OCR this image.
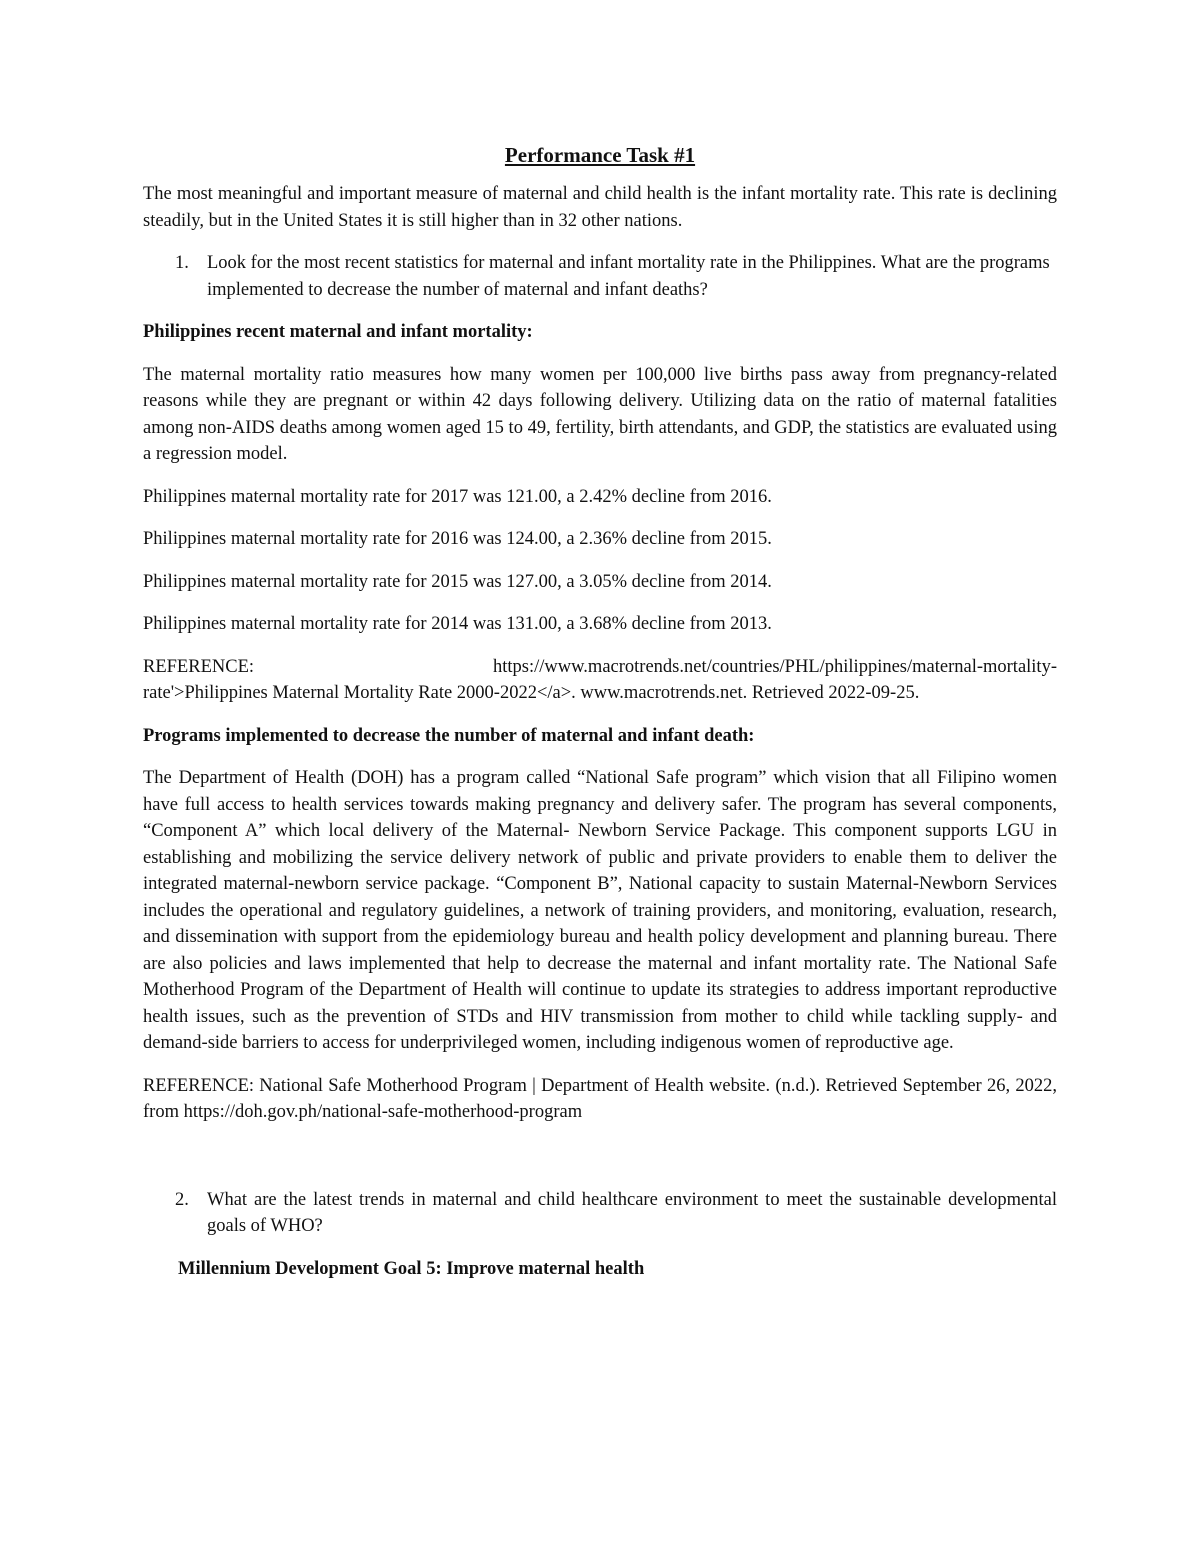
Performance Task #1

The most meaningful and important measure of maternal and child health is the infant mortality rate. This rate is declining steadily, but in the United States it is still higher than in 32 other nations.

1. Look for the most recent statistics for maternal and infant mortality rate in the Philippines. What are the programs implemented to decrease the number of maternal and infant deaths?
Philippines recent maternal and infant mortality:

The maternal mortality ratio measures how many women per 100,000 live births pass away from pregnancy-related reasons while they are pregnant or within 42 days following delivery. Utilizing data on the ratio of maternal fatalities among non-AIDS deaths among women aged 15 to 49, fertility, birth attendants, and GDP, the statistics are evaluated using a regression model.

Philippines maternal mortality rate for 2017 was 121.00, a 2.42% decline from 2016.

Philippines maternal mortality rate for 2016 was 124.00, a 2.36% decline from 2015.

Philippines maternal mortality rate for 2015 was 127.00, a 3.05% decline from 2014.

Philippines maternal mortality rate for 2014 was 131.00, a 3.68% decline from 2013.

REFERENCE: https://www.macrotrends.net/countries/PHL/philippines/maternal-mortality-
rate'>Philippines Maternal Mortality Rate 2000-2022</a>. www.macrotrends.net. Retrieved 2022-09-25.
Programs implemented to decrease the number of maternal and infant death:

The Department of Health (DOH) has a program called “National Safe program” which vision that all Filipino women have full access to health services towards making pregnancy and delivery safer. The program has several components, “Component A” which local delivery of the Maternal- Newborn Service Package. This component supports LGU in establishing and mobilizing the service delivery network of public and private providers to enable them to deliver the integrated maternal-newborn service package. “Component B”, National capacity to sustain Maternal-Newborn Services includes the operational and regulatory guidelines, a network of training providers, and monitoring, evaluation, research, and dissemination with support from the epidemiology bureau and health policy development and planning bureau. There are also policies and laws implemented that help to decrease the maternal and infant mortality rate. The National Safe Motherhood Program of the Department of Health will continue to update its strategies to address important reproductive health issues, such as the prevention of STDs and HIV transmission from mother to child while tackling supply- and demand-side barriers to access for underprivileged women, including indigenous women of reproductive age.

REFERENCE: National Safe Motherhood Program | Department of Health website. (n.d.). Retrieved September 26, 2022, from https://doh.gov.ph/national-safe-motherhood-program

2. What are the latest trends in maternal and child healthcare environment to meet the sustainable developmental goals of WHO?
Millennium Development Goal 5: Improve maternal health
